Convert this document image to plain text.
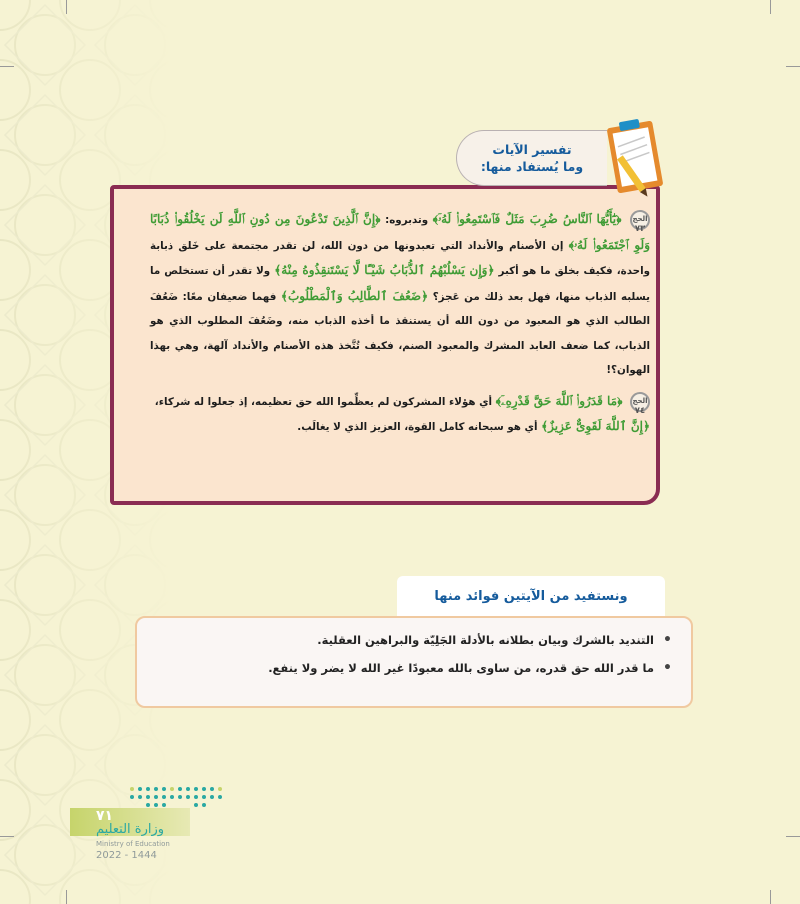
تفسير الآيات
وما يُستفاد منها:
الحج
٧٣ ﴿يَٰٓأَيُّهَا ٱلنَّاسُ ضُرِبَ مَثَلٌ فَٱسْتَمِعُوا۟ لَهُۥٓ﴾ وتدبروه: ﴿إِنَّ ٱلَّذِينَ تَدْعُونَ مِن دُونِ ٱللَّهِ لَن يَخْلُقُوا۟ ذُبَابًا وَلَوِ ٱجْتَمَعُوا۟ لَهُۥ﴾ إن الأصنام والأنداد التي تعبدونها من دون الله، لن تقدر مجتمعة على خَلق ذبابة واحدة، فكيف بخلق ما هو أكبر ﴿وَإِن يَسْلُبْهُمُ ٱلذُّبَابُ شَيْـًٔا لَّا يَسْتَنقِذُوهُ مِنْهُ﴾ ولا تقدر أن تستخلص ما يسلبه الذباب منها، فهل بعد ذلك من عَجز؟ ﴿ضَعُفَ ٱلطَّالِبُ وَٱلْمَطْلُوبُ﴾ فهما ضعيفان معًا: ضَعُفَ الطالب الذي هو المعبود من دون الله أن يستنقذ ما أخذه الذباب منه، وضَعُفَ المطلوب الذي هو الذباب، كما ضعف العابد المشرك والمعبود الصنم، فكيف تُتَّخذ هذه الأصنام والأنداد آلهة، وهي بهذا الهوان؟!
الحج
٧٤ ﴿مَا قَدَرُوا۟ ٱللَّهَ حَقَّ قَدْرِهِۦٓ﴾ أي هؤلاء المشركون لم يعظِّموا الله حق تعظيمه، إذ جعلوا له شركاء،
﴿إِنَّ ٱللَّهَ لَقَوِىٌّ عَزِيزٌ﴾ أي هو سبحانه كامل القوة، العزيز الذي لا يغالَب.
ونستفيد من الآيتين فوائد منها
• التنديد بالشرك وبيان بطلانه بالأدلة الجَلِيّة والبراهين العقلية.
• ما قدر الله حق قدره، من ساوى بالله معبودًا غير الله لا يضر ولا ينفع.
٧١
وزارة التعليم
Ministry of Education
2022 - 1444
